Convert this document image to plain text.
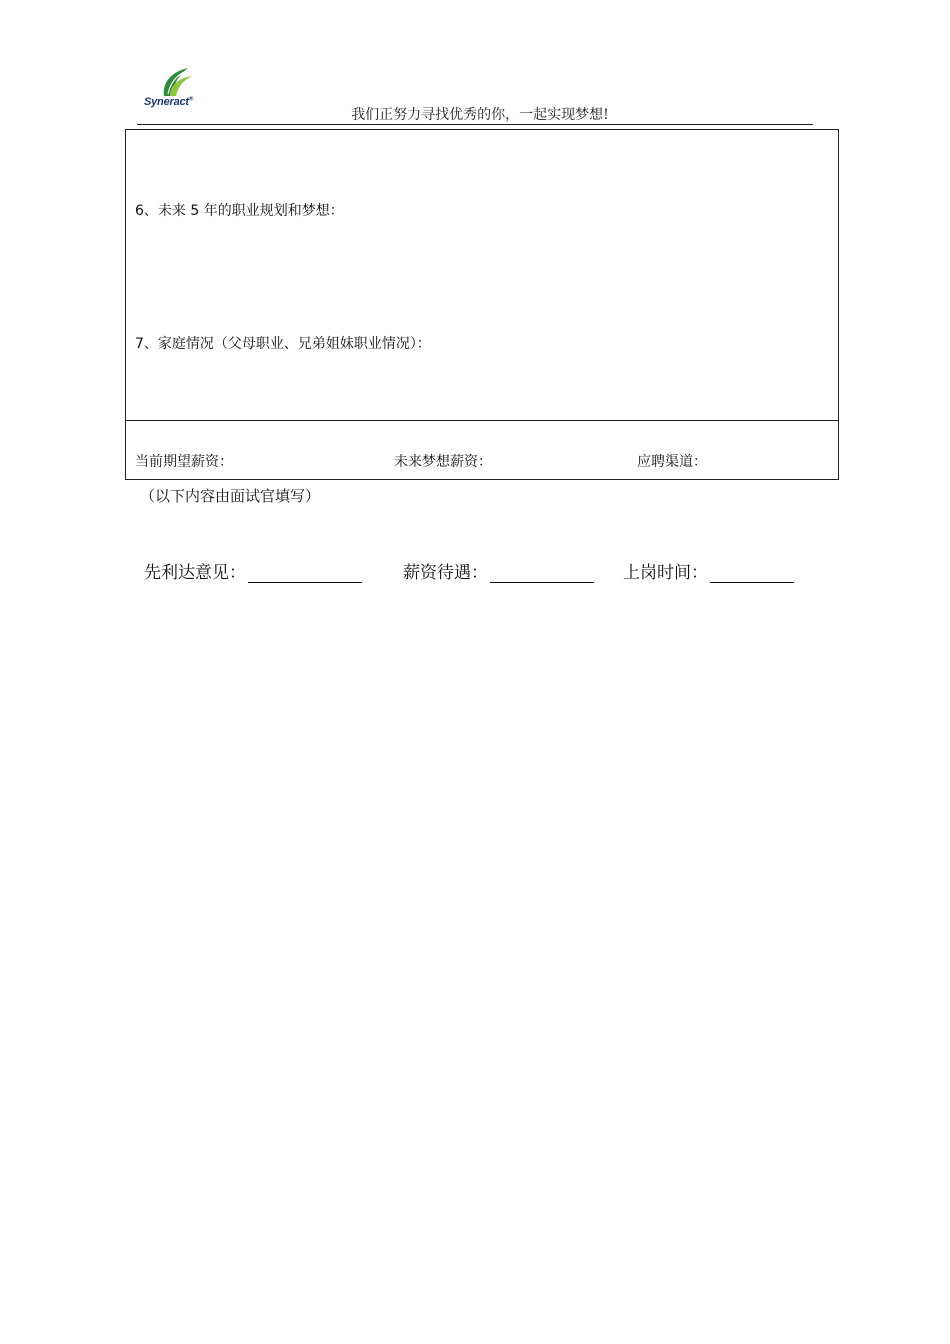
Syneract®
我们正努力寻找优秀的你，一起实现梦想!
6、未来 5 年的职业规划和梦想：
7、家庭情况（父母职业、兄弟姐妹职业情况）：
当前期望薪资：	未来梦想薪资：	应聘渠道：
（以下内容由面试官填写）
先利达意见：	薪资待遇：	上岗时间：
